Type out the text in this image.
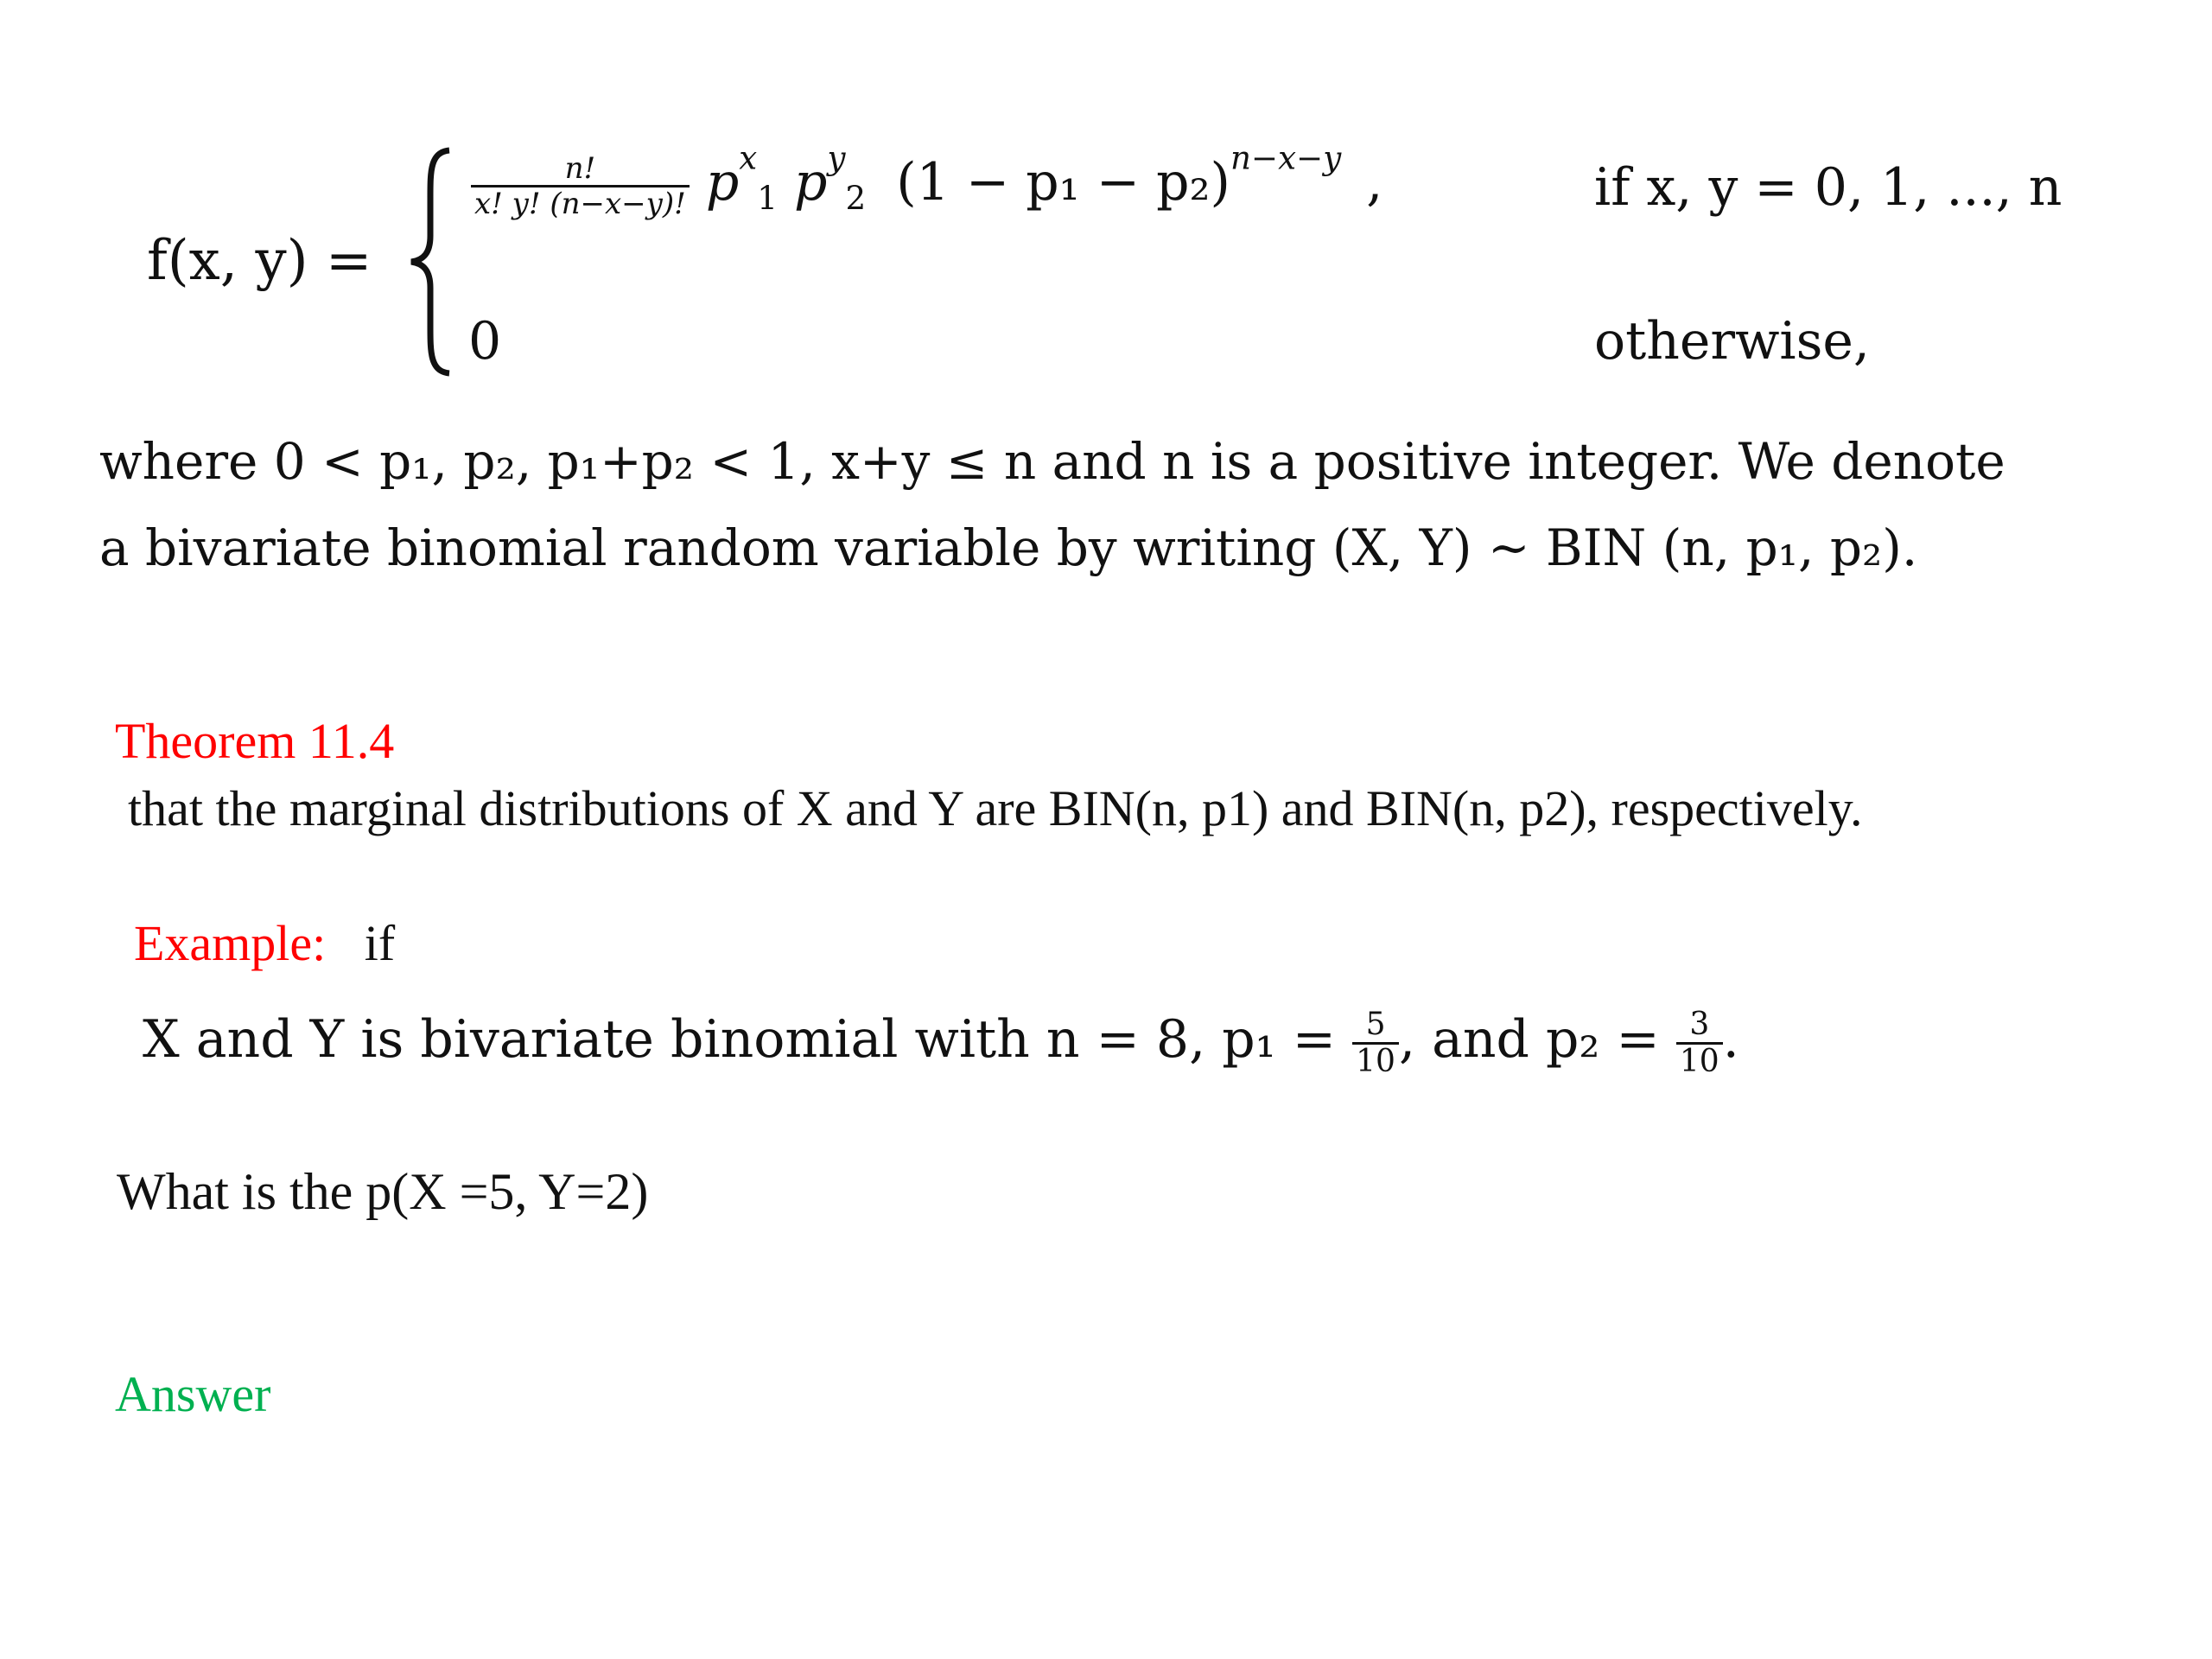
f(x, y) =
$\frac{n!}{x! y! (n-x-y)!} p^x_1$ $p^y_2$ $(1 - p_1 - p_2)^{n-x-y}$ ,	if x, y = 0, 1, ..., n
0	otherwise,
where 0 < p₁, p₂, p₁+p₂ < 1, x+y ≤ n and n is a positive integer. We denote
a bivariate binomial random variable by writing (X, Y) ~ BIN (n, p₁, p₂).
Theorem 11.4
that the marginal distributions of X and Y are BIN(n, p1) and BIN(n, p2), respectively.
Example: if
X and Y is bivariate binomial with n = 8, $p_1 = \frac{5}{10}$ , and $p_2 = \frac{3}{10}$ .
What is the p(X =5, Y=2)
Answer
